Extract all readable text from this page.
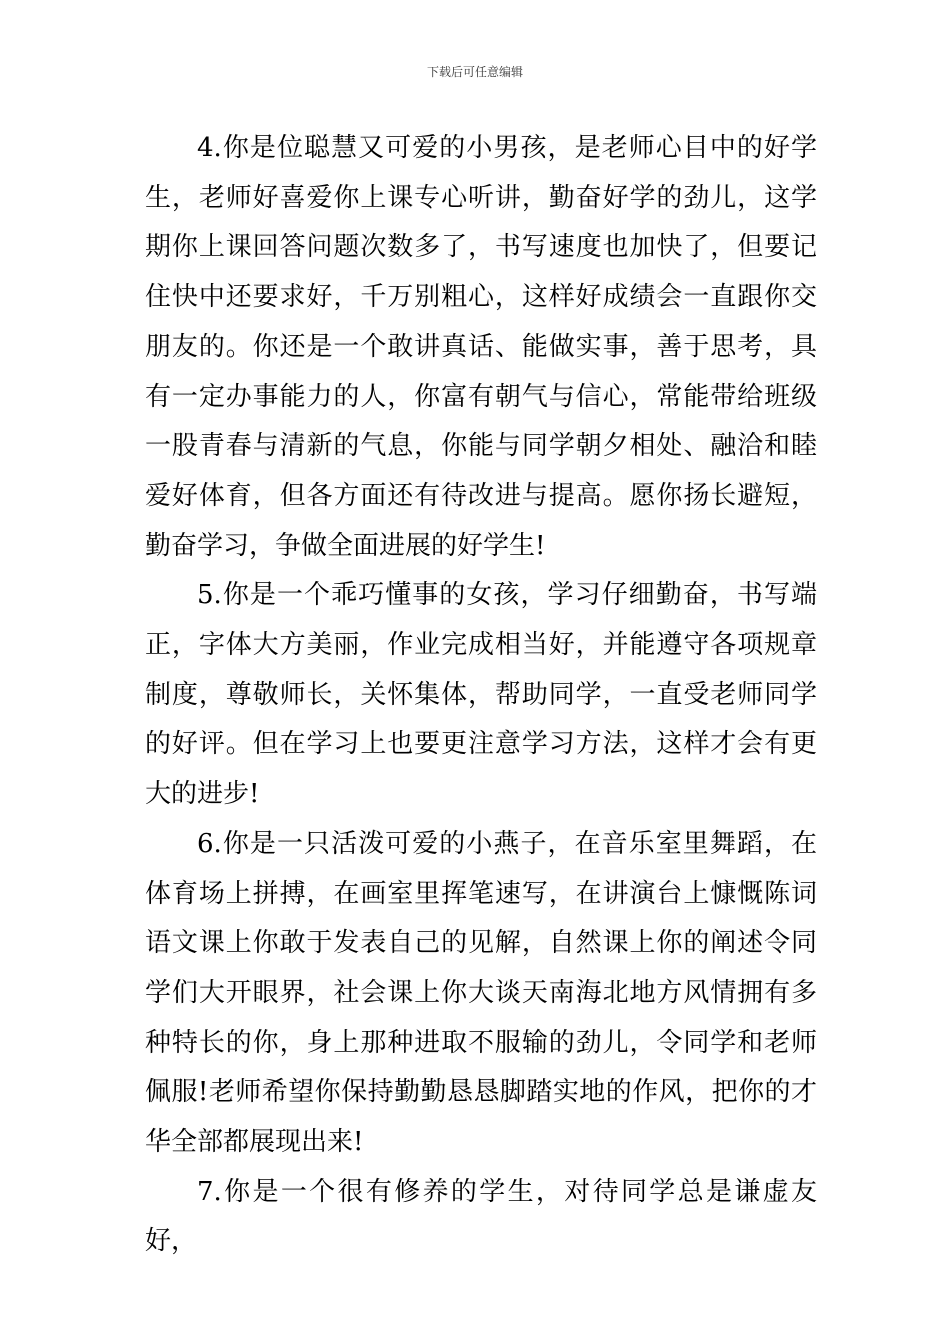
下载后可任意编辑

4.你是位聪慧又可爱的小男孩，是老师心目中的好学生，老师好喜爱你上课专心听讲，勤奋好学的劲儿，这学期你上课回答问题次数多了，书写速度也加快了，但要记住快中还要求好，千万别粗心，这样好成绩会一直跟你交朋友的。你还是一个敢讲真话、能做实事，善于思考，具有一定办事能力的人，你富有朝气与信心，常能带给班级一股青春与清新的气息，你能与同学朝夕相处、融洽和睦爱好体育，但各方面还有待改进与提高。愿你扬长避短，勤奋学习，争做全面进展的好学生!

5.你是一个乖巧懂事的女孩，学习仔细勤奋，书写端正，字体大方美丽，作业完成相当好，并能遵守各项规章制度，尊敬师长，关怀集体，帮助同学，一直受老师同学的好评。但在学习上也要更注意学习方法，这样才会有更大的进步!

6.你是一只活泼可爱的小燕子，在音乐室里舞蹈，在体育场上拼搏，在画室里挥笔速写，在讲演台上慷慨陈词语文课上你敢于发表自己的见解，自然课上你的阐述令同学们大开眼界，社会课上你大谈天南海北地方风情拥有多种特长的你，身上那种进取不服输的劲儿，令同学和老师佩服!老师希望你保持勤勤恳恳脚踏实地的作风，把你的才华全部都展现出来!

7.你是一个很有修养的学生，对待同学总是谦虚友好，
